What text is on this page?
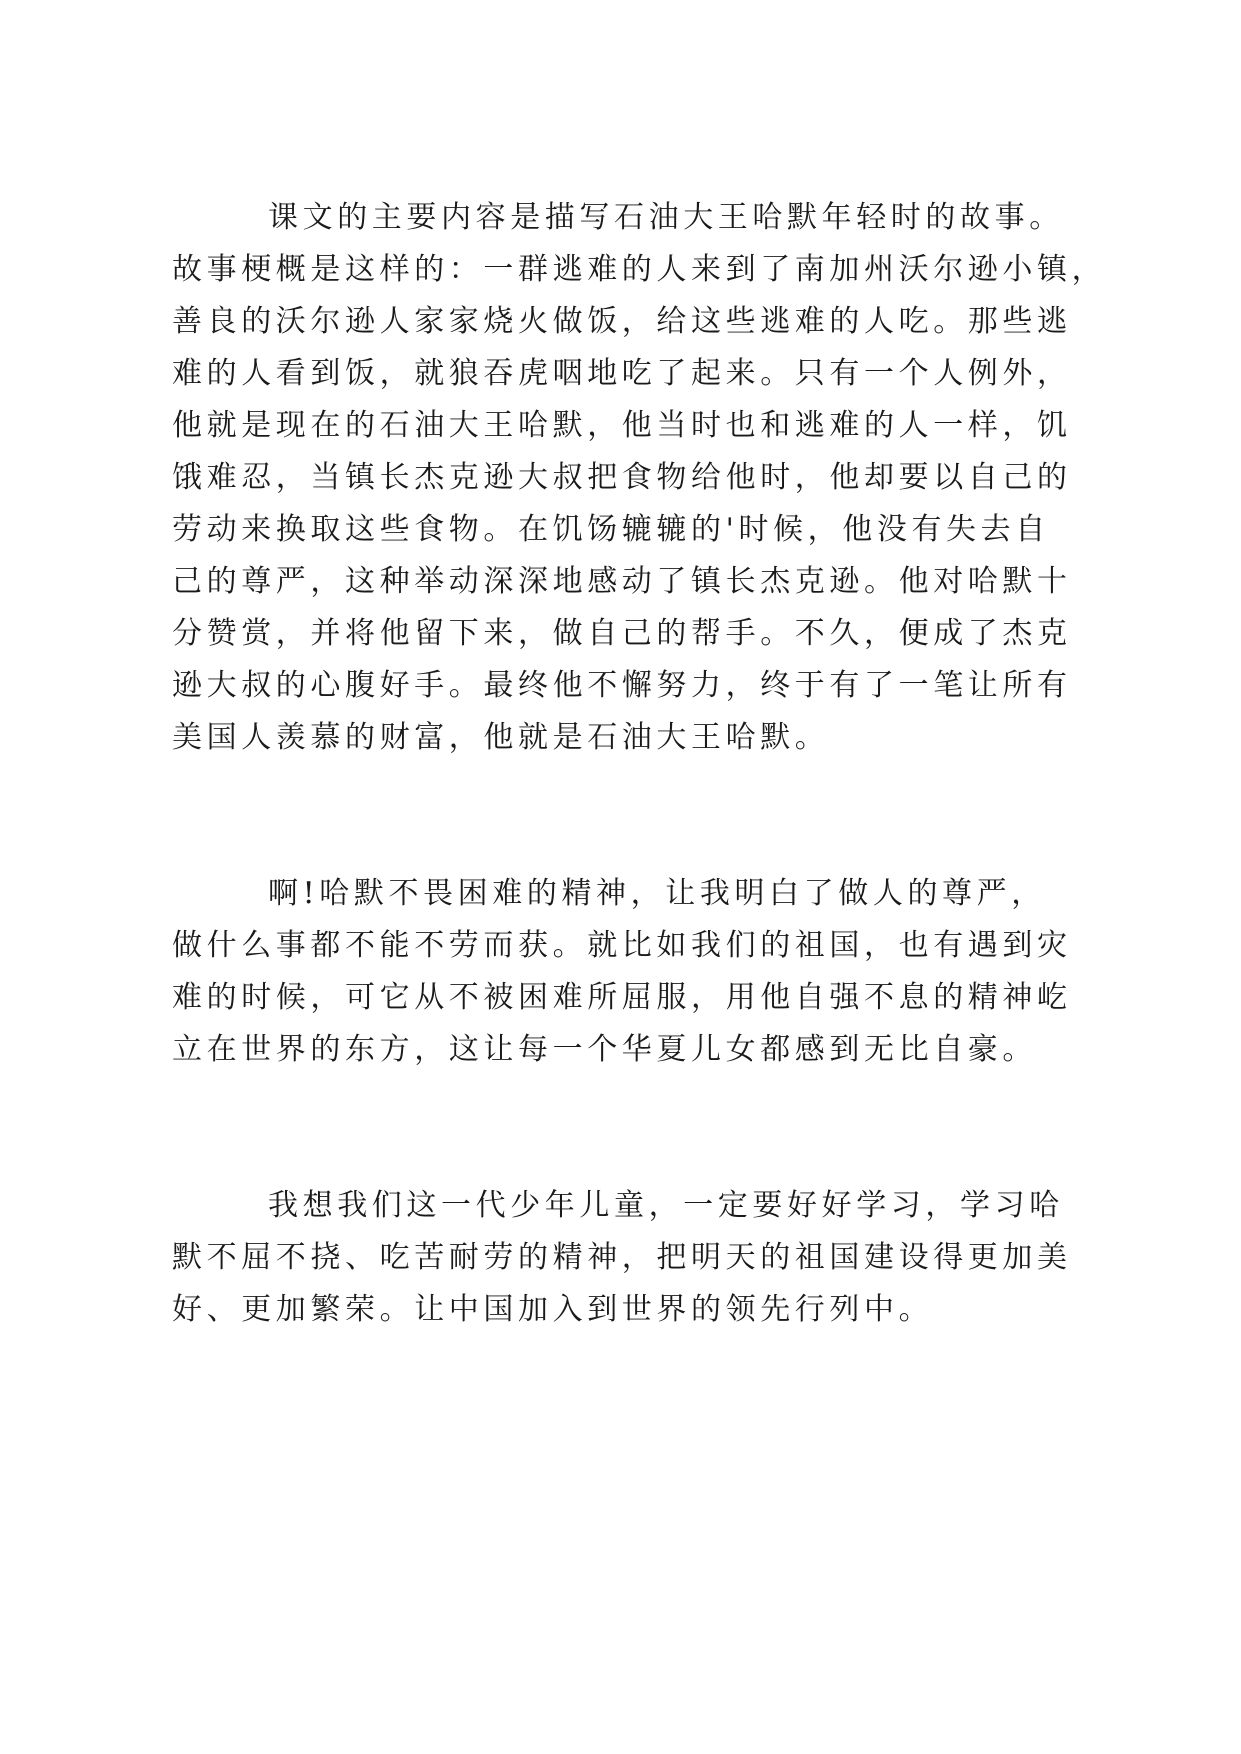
课文的主要内容是描写石油大王哈默年轻时的故事。
故事梗概是这样的：一群逃难的人来到了南加州沃尔逊小镇，
善良的沃尔逊人家家烧火做饭，给这些逃难的人吃。那些逃
难的人看到饭，就狼吞虎咽地吃了起来。只有一个人例外，
他就是现在的石油大王哈默，他当时也和逃难的人一样，饥
饿难忍，当镇长杰克逊大叔把食物给他时，他却要以自己的
劳动来换取这些食物。在饥饧辘辘的'时候，他没有失去自
己的尊严，这种举动深深地感动了镇长杰克逊。他对哈默十
分赞赏，并将他留下来，做自己的帮手。不久，便成了杰克
逊大叔的心腹好手。最终他不懈努力，终于有了一笔让所有
美国人羡慕的财富，他就是石油大王哈默。
啊!哈默不畏困难的精神，让我明白了做人的尊严，
做什么事都不能不劳而获。就比如我们的祖国，也有遇到灾
难的时候，可它从不被困难所屈服，用他自强不息的精神屹
立在世界的东方，这让每一个华夏儿女都感到无比自豪。
我想我们这一代少年儿童，一定要好好学习，学习哈
默不屈不挠、吃苦耐劳的精神，把明天的祖国建设得更加美
好、更加繁荣。让中国加入到世界的领先行列中。
